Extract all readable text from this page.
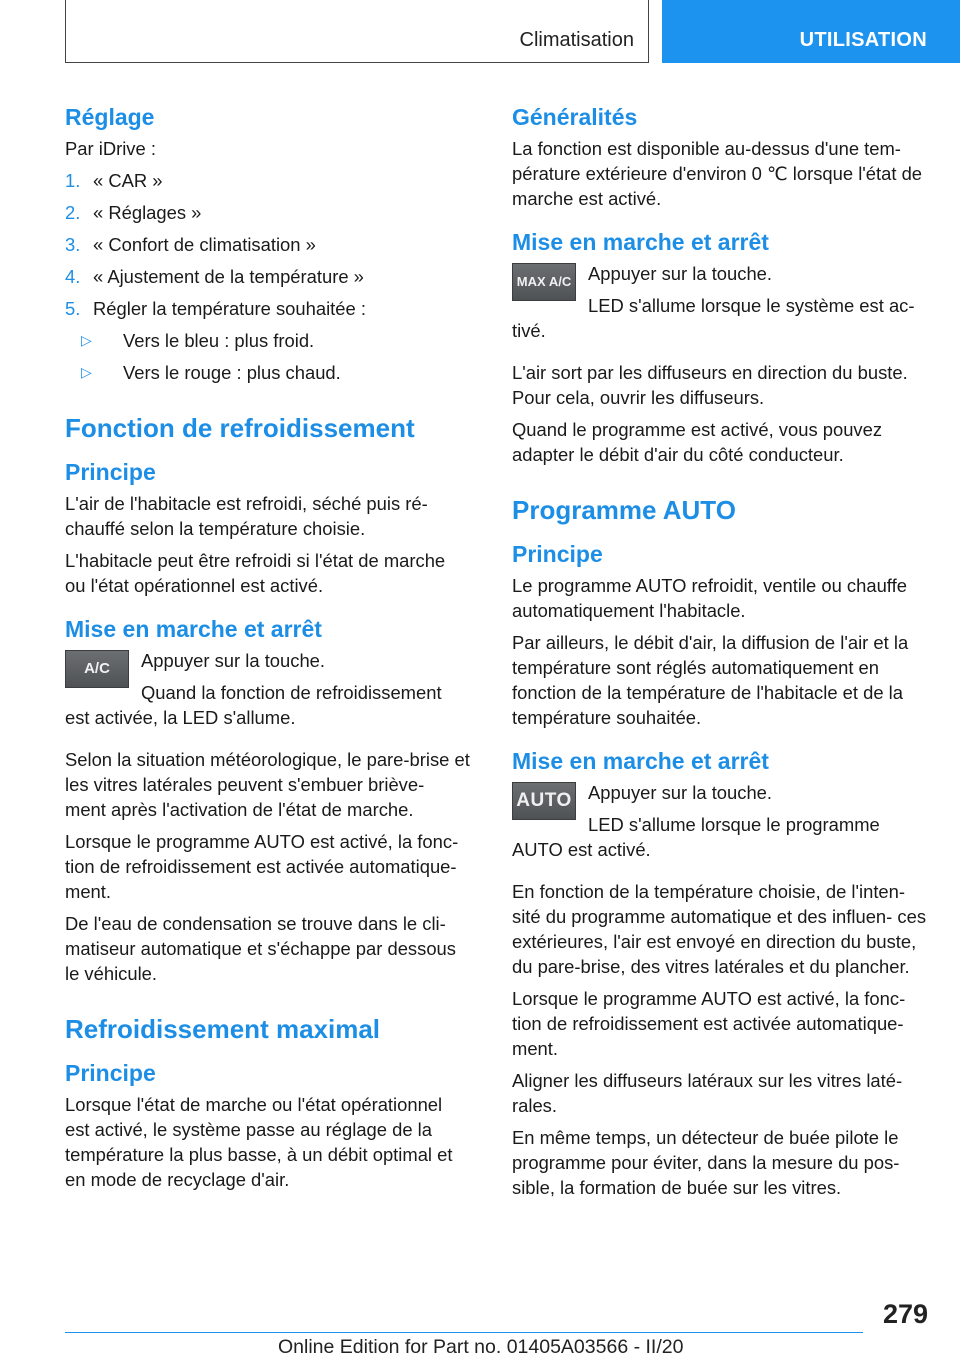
Climatisation	UTILISATION
Réglage

Par iDrive :

1. « CAR »
2. « Réglages »
3. « Confort de climatisation »
4. « Ajustement de la température »
5. Régler la température souhaitée :
▷ Vers le bleu : plus froid.
▷ Vers le rouge : plus chaud.
Fonction de refroidissement
Principe

L'air de l'habitacle est refroidi, séché puis ré‐ chauffé selon la température choisie.

L'habitacle peut être refroidi si l'état de marche ou l'état opérationnel est activé.

Mise en marche et arrêt
A/C	Appuyer sur la touche.

Quand la fonction de refroidissement est activée, la LED s'allume.

Selon la situation météorologique, le pare-brise et les vitres latérales peuvent s'embuer briève‐ ment après l'activation de l'état de marche.

Lorsque le programme AUTO est activé, la fonc‐ tion de refroidissement est activée automatique‐ ment.

De l'eau de condensation se trouve dans le cli‐ matiseur automatique et s'échappe par dessous le véhicule.

Refroidissement maximal
Principe

Lorsque l'état de marche ou l'état opérationnel est activé, le système passe au réglage de la température la plus basse, à un débit optimal et en mode de recyclage d'air.

Généralités

La fonction est disponible au-dessus d'une tem‐ pérature extérieure d'environ 0 ℃ lorsque l'état de marche est activé.

Mise en marche et arrêt
MAX A/C Appuyer sur la touche.

LED s'allume lorsque le système est ac‐ tivé.

L'air sort par les diffuseurs en direction du buste. Pour cela, ouvrir les diffuseurs.

Quand le programme est activé, vous pouvez adapter le débit d'air du côté conducteur.

Programme AUTO
Principe

Le programme AUTO refroidit, ventile ou chauffe automatiquement l'habitacle.

Par ailleurs, le débit d'air, la diffusion de l'air et la température sont réglés automatiquement en fonction de la température de l'habitacle et de la température souhaitée.

Mise en marche et arrêt
AUTO Appuyer sur la touche.

LED s'allume lorsque le programme AUTO est activé.

En fonction de la température choisie, de l'inten‐ sité du programme automatique et des influen‐ ces extérieures, l'air est envoyé en direction du buste, du pare-brise, des vitres latérales et du plancher.

Lorsque le programme AUTO est activé, la fonc‐ tion de refroidissement est activée automatique‐ ment.

Aligner les diffuseurs latéraux sur les vitres laté‐ rales.

En même temps, un détecteur de buée pilote le programme pour éviter, dans la mesure du pos‐ sible, la formation de buée sur les vitres.

279
Online Edition for Part no. 01405A03566 - II/20
